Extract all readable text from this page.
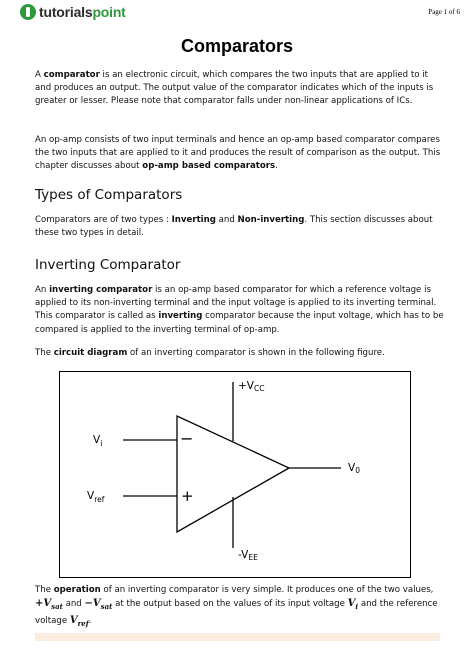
tutorialspoint	Page 1 of 6
Comparators
A comparator is an electronic circuit, which compares the two inputs that are applied to it and produces an output. The output value of the comparator indicates which of the inputs is greater or lesser. Please note that comparator falls under non-linear applications of ICs.
An op-amp consists of two input terminals and hence an op-amp based comparator compares the two inputs that are applied to it and produces the result of comparison as the output. This chapter discusses about op-amp based comparators.
Types of Comparators
Comparators are of two types : Inverting and Non-inverting. This section discusses about these two types in detail.
Inverting Comparator
An inverting comparator is an op-amp based comparator for which a reference voltage is applied to its non-inverting terminal and the input voltage is applied to its inverting terminal. This comparator is called as inverting comparator because the input voltage, which has to be compared is applied to the inverting terminal of op-amp.
The circuit diagram of an inverting comparator is shown in the following figure.
−
+
+VCC
-VEE
$V_i$
$V_{ref}$
V0
The operation of an inverting comparator is very simple. It produces one of the two values, $+V_{sat}$ and $-V_{sat}$ at the output based on the values of its input voltage $V_i$ and the reference voltage $V_{ref}$.
